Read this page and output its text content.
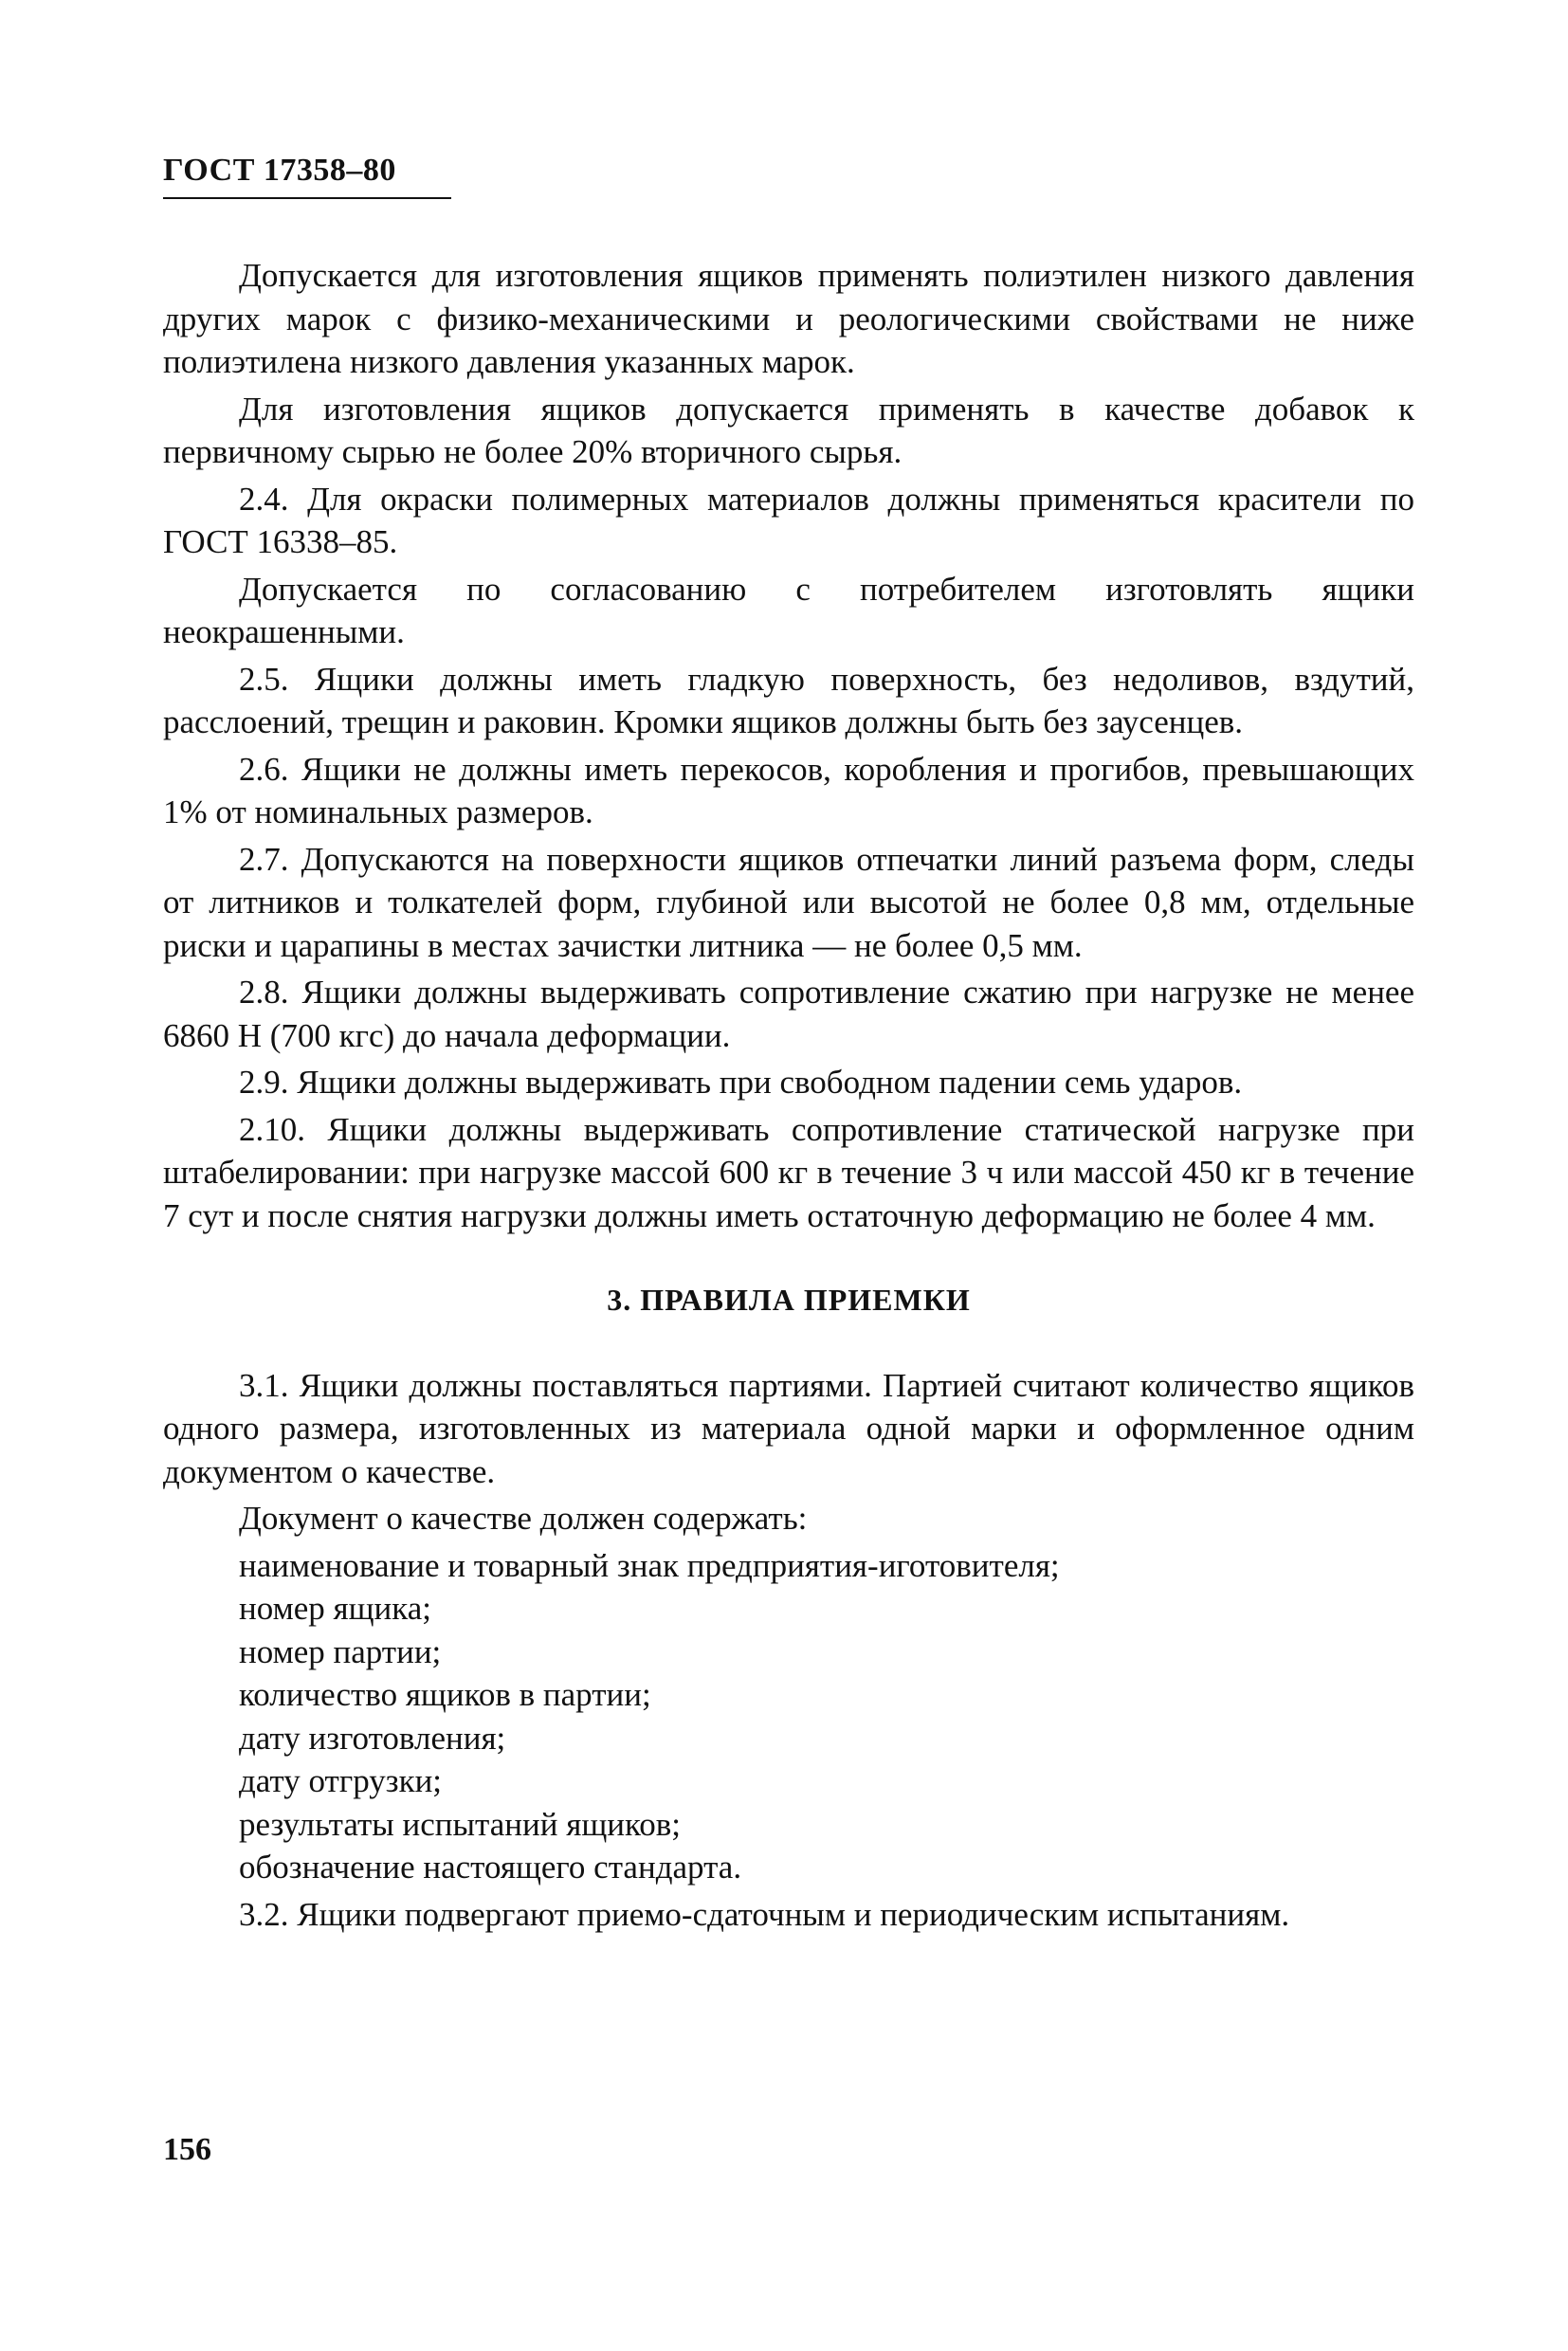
ГОСТ 17358–80

Допускается для изготовления ящиков применять полиэтилен низкого давления других марок с физико-механическими и реологическими свойствами не ниже полиэтилена низкого давления указанных марок.

Для изготовления ящиков допускается применять в качестве добавок к первичному сырью не более 20% вторичного сырья.

2.4. Для окраски полимерных материалов должны применяться красители по ГОСТ 16338–85.

Допускается по согласованию с потребителем изготовлять ящики неокрашенными.

2.5. Ящики должны иметь гладкую поверхность, без недоливов, вздутий, расслоений, трещин и раковин. Кромки ящиков должны быть без заусенцев.

2.6. Ящики не должны иметь перекосов, коробления и прогибов, превышающих 1% от номинальных размеров.

2.7. Допускаются на поверхности ящиков отпечатки линий разъема форм, следы от литников и толкателей форм, глубиной или высотой не более 0,8 мм, отдельные риски и царапины в местах зачистки литника — не более 0,5 мм.

2.8. Ящики должны выдерживать сопротивление сжатию при нагрузке не менее 6860 Н (700 кгс) до начала деформации.

2.9. Ящики должны выдерживать при свободном падении семь ударов.

2.10. Ящики должны выдерживать сопротивление статической нагрузке при штабелировании: при нагрузке массой 600 кг в течение 3 ч или массой 450 кг в течение 7 сут и после снятия нагрузки должны иметь остаточную деформацию не более 4 мм.

3. ПРАВИЛА ПРИЕМКИ

3.1. Ящики должны поставляться партиями. Партией считают количество ящиков одного размера, изготовленных из материала одной марки и оформленное одним документом о качестве.

Документ о качестве должен содержать:

наименование и товарный знак предприятия-иготовителя;
номер ящика;
номер партии;
количество ящиков в партии;
дату изготовления;
дату отгрузки;
результаты испытаний ящиков;
обозначение настоящего стандарта.

3.2. Ящики подвергают приемо-сдаточным и периодическим испытаниям.

156
